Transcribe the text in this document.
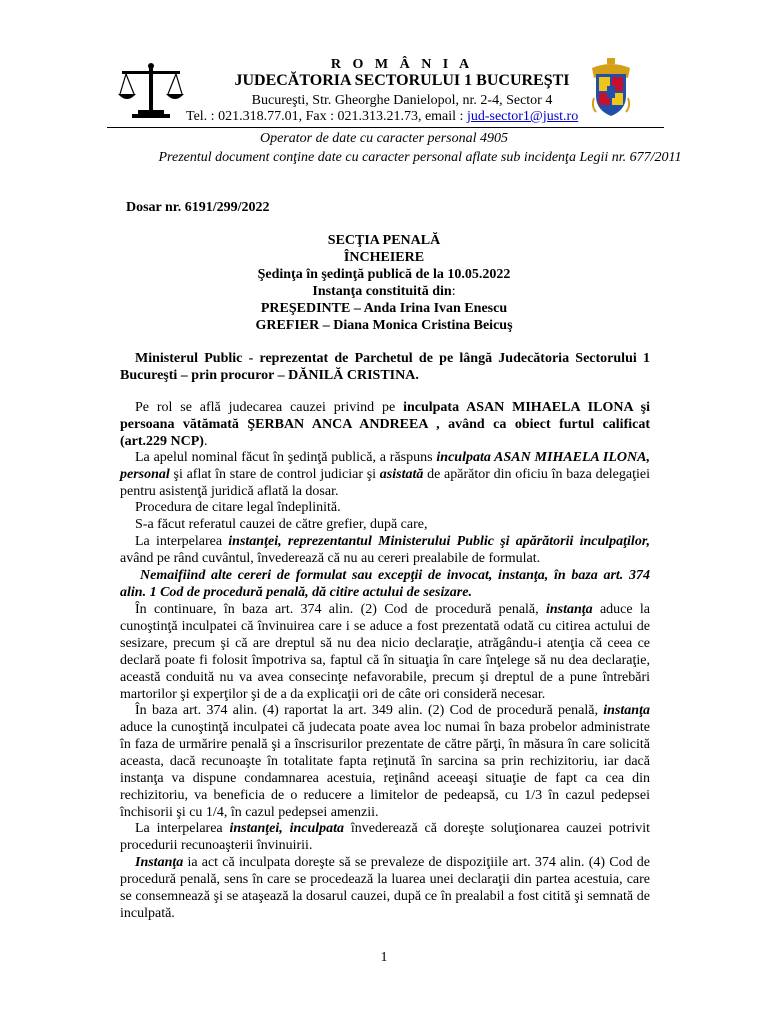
R O M Â N I A
JUDECĂTORIA SECTORULUI 1 BUCUREŞTI
Bucureşti, Str. Gheorghe Danielopol, nr. 2-4, Sector 4
Tel. : 021.318.77.01, Fax : 021.313.21.73, email : jud-sector1@just.ro
Operator de date cu caracter personal 4905
Prezentul document conţine date cu caracter personal aflate sub incidenţa Legii nr. 677/2011
Dosar nr. 6191/299/2022
SECŢIA PENALĂ
ÎNCHEIERE
Şedinţa în şedinţă publică de la 10.05.2022
Instanţa constituită din:
PREŞEDINTE – Anda Irina Ivan Enescu
GREFIER – Diana Monica Cristina Beicuş
Ministerul Public - reprezentat de Parchetul de pe lângă Judecătoria Sectorului 1 Bucureşti – prin procuror – DĂNILĂ CRISTINA.
Pe rol se află judecarea cauzei privind pe inculpata ASAN MIHAELA ILONA şi persoana vătămată ŞERBAN ANCA ANDREEA , având ca obiect furtul calificat (art.229 NCP).
La apelul nominal făcut în şedinţă publică, a răspuns inculpata ASAN MIHAELA ILONA, personal şi aflat în stare de control judiciar şi asistată de apărător din oficiu în baza delegaţiei pentru asistenţă juridică aflată la dosar.
Procedura de citare legal îndeplinită.
S-a făcut referatul cauzei de către grefier, după care,
La interpelarea instanţei, reprezentantul Ministerului Public şi apărătorii inculpaţilor, având pe rând cuvântul, învederează că nu au cereri prealabile de formulat.
Nemaifiind alte cereri de formulat sau excepţii de invocat, instanţa, în baza art. 374 alin. 1 Cod de procedură penală, dă citire actului de sesizare.
În continuare, în baza art. 374 alin. (2) Cod de procedură penală, instanţa aduce la cunoştinţă inculpatei că învinuirea care i se aduce a fost prezentată odată cu citirea actului de sesizare, precum şi că are dreptul să nu dea nicio declaraţie, atrăgându-i atenţia că ceea ce declară poate fi folosit împotriva sa, faptul că în situaţia în care înţelege să nu dea declaraţie, această conduită nu va avea consecinţe nefavorabile, precum şi dreptul de a pune întrebări martorilor şi experţilor şi de a da explicaţii ori de câte ori consideră necesar.
În baza art. 374 alin. (4) raportat la art. 349 alin. (2) Cod de procedură penală, instanţa aduce la cunoştinţă inculpatei că judecata poate avea loc numai în baza probelor administrate în faza de urmărire penală şi a înscrisurilor prezentate de către părţi, în măsura în care solicită aceasta, dacă recunoaşte în totalitate fapta reţinută în sarcina sa prin rechizitoriu, iar dacă instanţa va dispune condamnarea acestuia, reţinând aceeaşi situaţie de fapt ca cea din rechizitoriu, va beneficia de o reducere a limitelor de pedeapsă, cu 1/3 în cazul pedepsei închisorii şi cu 1/4, în cazul pedepsei amenzii.
La interpelarea instanţei, inculpata învederează că doreşte soluţionarea cauzei potrivit procedurii recunoaşterii învinuirii.
Instanţa ia act că inculpata doreşte să se prevaleze de dispoziţiile art. 374 alin. (4) Cod de procedură penală, sens în care se procedează la luarea unei declaraţii din partea acestuia, care se consemnează şi se ataşează la dosarul cauzei, după ce în prealabil a fost citită şi semnată de inculpată.
1
